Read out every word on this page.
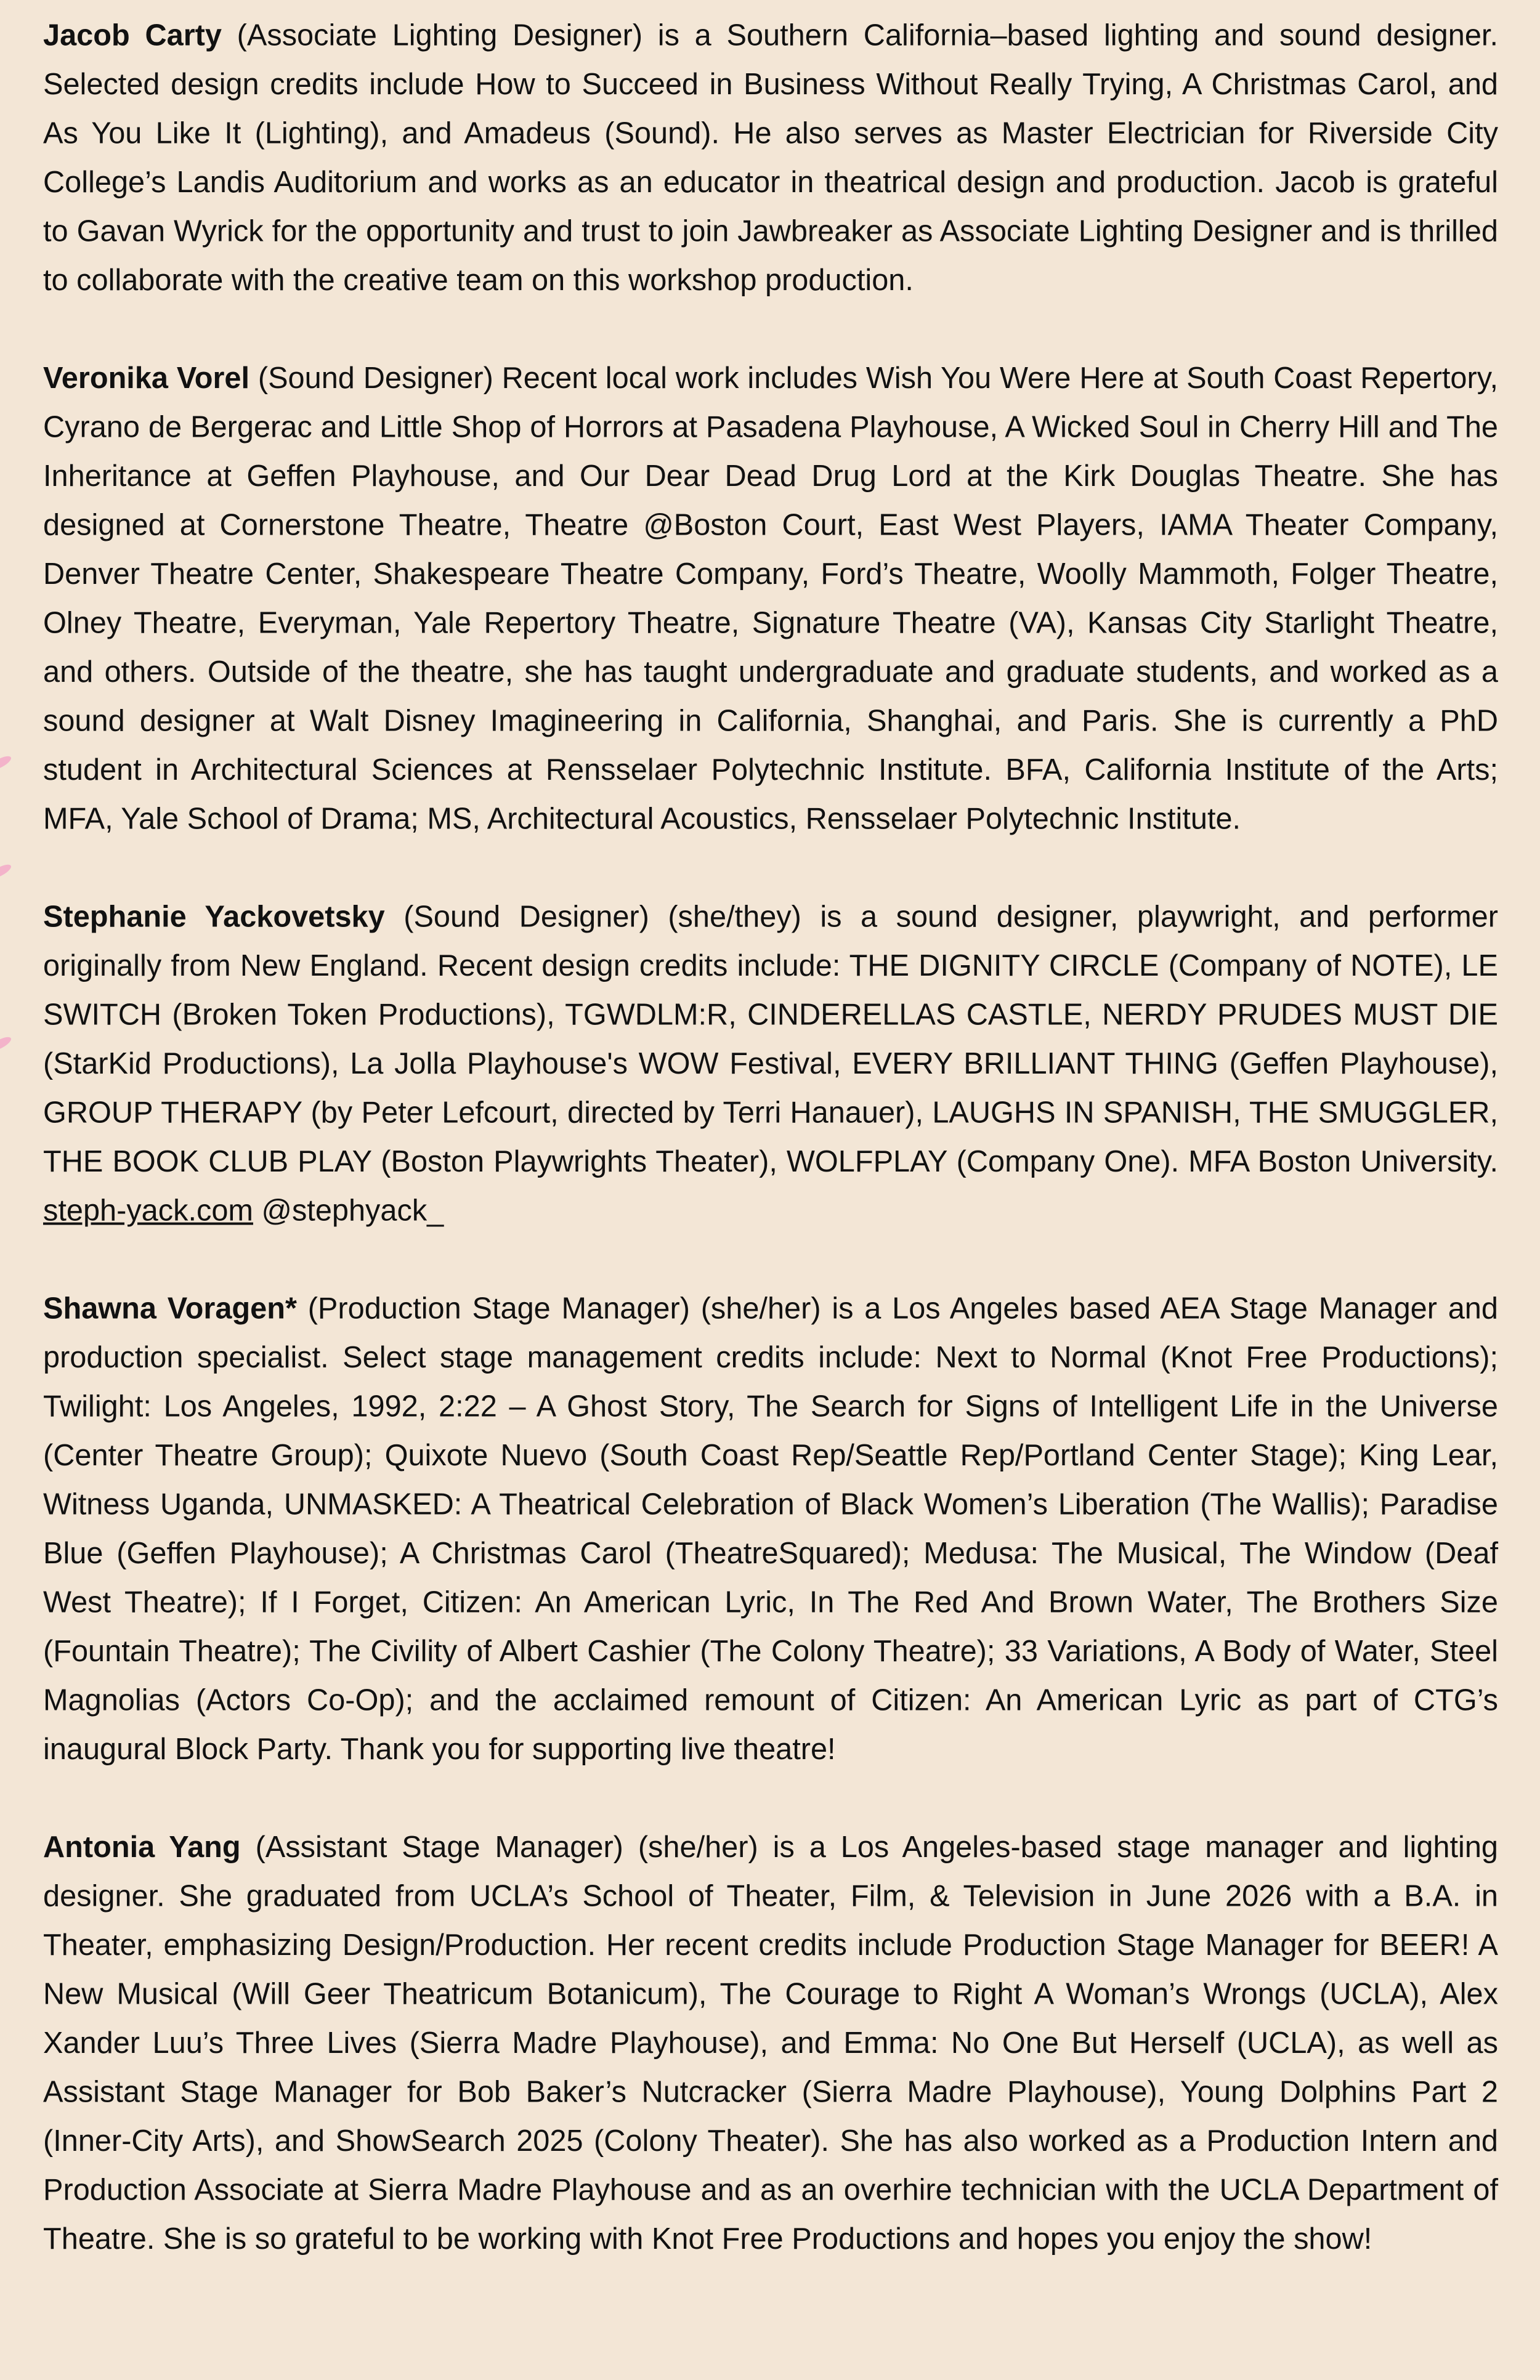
Jacob Carty (Associate Lighting Designer) is a Southern California–based lighting and sound designer. Selected design credits include How to Succeed in Business Without Really Trying, A Christmas Carol, and As You Like It (Lighting), and Amadeus (Sound). He also serves as Master Electrician for Riverside City College’s Landis Auditorium and works as an educator in theatrical design and production. Jacob is grateful to Gavan Wyrick for the opportunity and trust to join Jawbreaker as Associate Lighting Designer and is thrilled to collaborate with the creative team on this workshop production.

Veronika Vorel (Sound Designer) Recent local work includes Wish You Were Here at South Coast Repertory, Cyrano de Bergerac and Little Shop of Horrors at Pasadena Playhouse, A Wicked Soul in Cherry Hill and The Inheritance at Geffen Playhouse, and Our Dear Dead Drug Lord at the Kirk Douglas Theatre. She has designed at Cornerstone Theatre, Theatre @Boston Court, East West Players, IAMA Theater Company, Denver Theatre Center, Shakespeare Theatre Company, Ford’s Theatre, Woolly Mammoth, Folger Theatre, Olney Theatre, Everyman, Yale Repertory Theatre, Signature Theatre (VA), Kansas City Starlight Theatre, and others. Outside of the theatre, she has taught undergraduate and graduate students, and worked as a sound designer at Walt Disney Imagineering in California, Shanghai, and Paris. She is currently a PhD student in Architectural Sciences at Rensselaer Polytechnic Institute. BFA, California Institute of the Arts; MFA, Yale School of Drama; MS, Architectural Acoustics, Rensselaer Polytechnic Institute.

Stephanie Yackovetsky (Sound Designer) (she/they) is a sound designer, playwright, and performer originally from New England. Recent design credits include: THE DIGNITY CIRCLE (Company of NOTE), LE SWITCH (Broken Token Productions), TGWDLM:R, CINDERELLAS CASTLE, NERDY PRUDES MUST DIE (StarKid Productions), La Jolla Playhouse's WOW Festival, EVERY BRILLIANT THING (Geffen Playhouse), GROUP THERAPY (by Peter Lefcourt, directed by Terri Hanauer), LAUGHS IN SPANISH, THE SMUGGLER, THE BOOK CLUB PLAY (Boston Playwrights Theater), WOLFPLAY (Company One). MFA Boston University. steph-yack.com @stephyack_

Shawna Voragen* (Production Stage Manager) (she/her) is a Los Angeles based AEA Stage Manager and production specialist. Select stage management credits include: Next to Normal (Knot Free Productions); Twilight: Los Angeles, 1992, 2:22 – A Ghost Story, The Search for Signs of Intelligent Life in the Universe (Center Theatre Group); Quixote Nuevo (South Coast Rep/Seattle Rep/Portland Center Stage); King Lear, Witness Uganda, UNMASKED: A Theatrical Celebration of Black Women’s Liberation (The Wallis); Paradise Blue (Geffen Playhouse); A Christmas Carol (TheatreSquared); Medusa: The Musical, The Window (Deaf West Theatre); If I Forget, Citizen: An American Lyric, In The Red And Brown Water, The Brothers Size (Fountain Theatre); The Civility of Albert Cashier (The Colony Theatre); 33 Variations, A Body of Water, Steel Magnolias (Actors Co-Op); and the acclaimed remount of Citizen: An American Lyric as part of CTG’s inaugural Block Party. Thank you for supporting live theatre!

Antonia Yang (Assistant Stage Manager) (she/her) is a Los Angeles-based stage manager and lighting designer. She graduated from UCLA’s School of Theater, Film, & Television in June 2026 with a B.A. in Theater, emphasizing Design/Production. Her recent credits include Production Stage Manager for BEER! A New Musical (Will Geer Theatricum Botanicum), The Courage to Right A Woman’s Wrongs (UCLA), Alex Xander Luu’s Three Lives (Sierra Madre Playhouse), and Emma: No One But Herself (UCLA), as well as Assistant Stage Manager for Bob Baker’s Nutcracker (Sierra Madre Playhouse), Young Dolphins Part 2 (Inner-City Arts), and ShowSearch 2025 (Colony Theater). She has also worked as a Production Intern and Production Associate at Sierra Madre Playhouse and as an overhire technician with the UCLA Department of Theatre. She is so grateful to be working with Knot Free Productions and hopes you enjoy the show!
